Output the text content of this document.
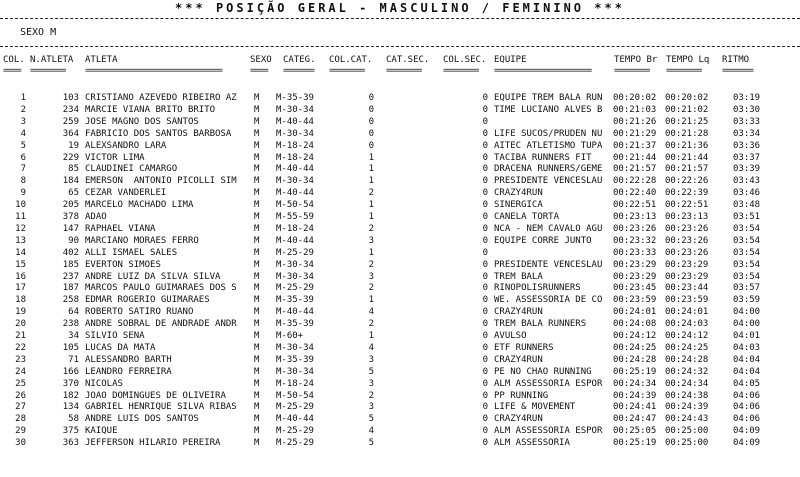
*** POSIÇÃO GERAL - MASCULINO / FEMININO ***
SEXO M
COL. N.ATLETA ATLETA	SEXO CATEG. COL.CAT. CAT.SEC. COL.SEC. EQUIPE	TEMPO Br TEMPO Lq RITMO
====	========	===============================	====	=======	========	========	========	======================	========	========	=======
1	103 CRISTIANO AZEVEDO RIBEIRO AZ	M M-35-39	0	0 EQUIPE TREM BALA RUN	00:20:02 00:20:02	03:19
2	234 MARCIE VIANA BRITO BRITO	M M-30-34	0	0 TIME LUCIANO ALVES B	00:21:03 00:21:02	03:30
3	259 JOSE MAGNO DOS SANTOS	M M-40-44	0	0	00:21:26 00:21:25	03:33
4	364 FABRICIO DOS SANTOS BARBOSA	M M-30-34	0	0 LIFE SUCOS/PRUDEN NU	00:21:29 00:21:28	03:34
5	19 ALEXSANDRO LARA	M M-18-24	0	0 AITEC ATLETISMO TUPÃ	00:21:37 00:21:36	03:36
6	229 VICTOR LIMA	M M-18-24	1	0 TACIBA RUNNERS FIT	00:21:44 00:21:44	03:37
7	85 CLAUDINEI CAMARGO	M M-40-44	1	0 DRACENA RUNNERS/GÊME	00:21:57 00:21:57	03:39
8	184 EMERSON  ANTÔNIO PICOLLI SIM	M M-30-34	1	0 PRESIDENTE VENCESLAU	00:22:28 00:22:26	03:43
9	65 CEZAR VANDERLEI	M M-40-44	2	0 CRAZY4RUN	00:22:40 00:22:39	03:46
10	205 MARCELO MACHADO LIMA	M M-50-54	1	0 SINÉRGICA	00:22:51 00:22:51	03:48
11	378 ADÃO	M M-55-59	1	0 CANELA TORTA	00:23:13 00:23:13	03:51
12	147 RAPHAEL VIANA	M M-18-24	2	0 NCA - NEM CAVALO AGU	00:23:26 00:23:26	03:54
13	90 MARCIANO MORAES FERRO	M M-40-44	3	0 EQUIPE CORRE JUNTO	00:23:32 00:23:26	03:54
14	402 ALLI ISMAEL SALES	M M-25-29	1	0	00:23:33 00:23:26	03:54
15	185 EVERTON SIMÕES	M M-30-34	2	0 PRESIDENTE VENCESLAU	00:23:29 00:23:29	03:54
16	237 ANDRE LUIZ DA SILVA SILVA	M M-30-34	3	0 TREM BALA	00:23:29 00:23:29	03:54
17	187 MARCOS PAULO GUIMARÃES DOS S	M M-25-29	2	0 RINOPOLISRUNNERS	00:23:45 00:23:44	03:57
18	258 EDMAR ROGERIO GUIMARAES	M M-35-39	1	0 WE. ASSESSORIA DE CO	00:23:59 00:23:59	03:59
19	64 ROBERTO SATIRO RUANO	M M-40-44	4	0 CRAZY4RUN	00:24:01 00:24:01	04:00
20	238 ANDRÉ SOBRAL DE ANDRADE ANDR	M M-35-39	2	0 TREM BALA RUNNERS	00:24:08 00:24:03	04:00
21	34 SILVIO SENA	M M-60+	1	0 AVULSO	00:24:12 00:24:12	04:01
22	105 LUCAS DA MATA	M M-30-34	4	0 ETF RUNNERS	00:24:25 00:24:25	04:03
23	71 ALESSANDRO BARTH	M M-35-39	3	0 CRAZY4RUN	00:24:28 00:24:28	04:04
24	166 LEANDRO FERREIRA	M M-30-34	5	0 PÉ NO CHÃO RUNNING	00:25:19 00:24:32	04:04
25	370 NÍCOLAS	M M-18-24	3	0 ALM ASSESSORIA ESPOR	00:24:34 00:24:34	04:05
26	182 JOÃO DOMINGUES DE OLIVEIRA	M M-50-54	2	0 PP RUNNING	00:24:39 00:24:38	04:06
27	134 GABRIEL HENRIQUE SILVA RIBAS	M M-25-29	3	0 LIFE & MOVEMENT	00:24:41 00:24:39	04:06
28	58 ANDRE LUIS DOS SANTOS	M M-40-44	5	0 CRAZY4RUN	00:24:47 00:24:43	04:06
29	375 KAIQUE	M M-25-29	4	0 ALM ASSESSORIA ESPOR	00:25:05 00:25:00	04:09
30	363 JEFFERSON HILARIO PEREIRA	M M-25-29	5	0 ALM ASSESSORIA	00:25:19 00:25:00	04:09
